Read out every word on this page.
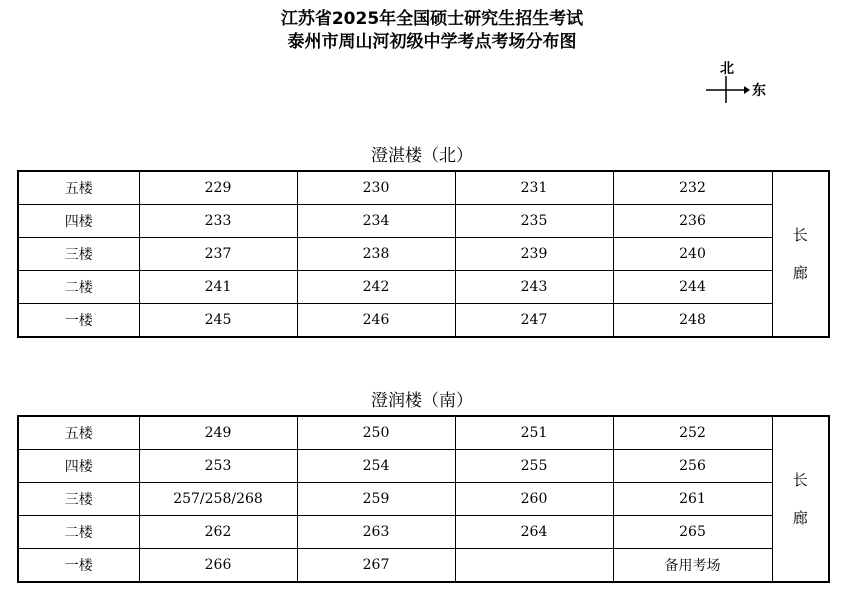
江苏省2025年全国硕士研究生招生考试
泰州市周山河初级中学考点考场分布图
北
东
澄湛楼（北）
五楼	229	230	231	232	长
廊

四楼	233	234	235	236	
三楼	237	238	239	240	
二楼	241	242	243	244	
一楼	245	246	247	248	
澄润楼（南）
五楼	249	250	251	252	长
廊

四楼	253	254	255	256	
三楼	257/258/268	259	260	261	
二楼	262	263	264	265	
一楼	266	267		备用考场	
